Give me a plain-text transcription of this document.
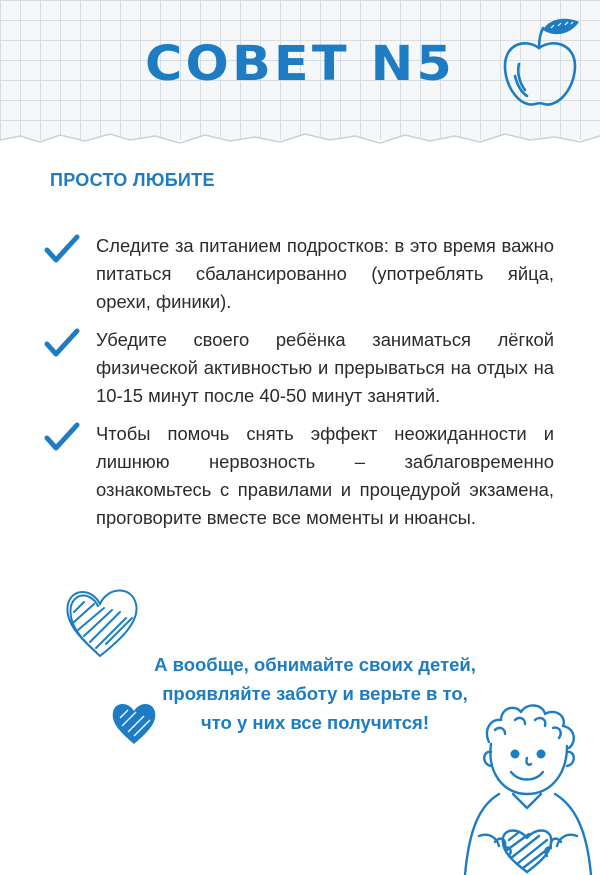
COBET N5
ПРОСТО ЛЮБИТЕ
Следите за питанием подростков: в это время важно питаться сбалансированно (употреблять яйца, орехи, финики).
Убедите своего ребёнка заниматься лёгкой физической активностью и прерываться на отдых на 10-15 минут после 40-50 минут занятий.
Чтобы помочь снять эффект неожиданности и лишнюю нервозность – заблаговременно ознакомьтесь с правилами и процедурой экзамена, проговорите вместе все моменты и нюансы.
А вообще, обнимайте своих детей,
проявляйте заботу и верьте в то,
что у них все получится!
